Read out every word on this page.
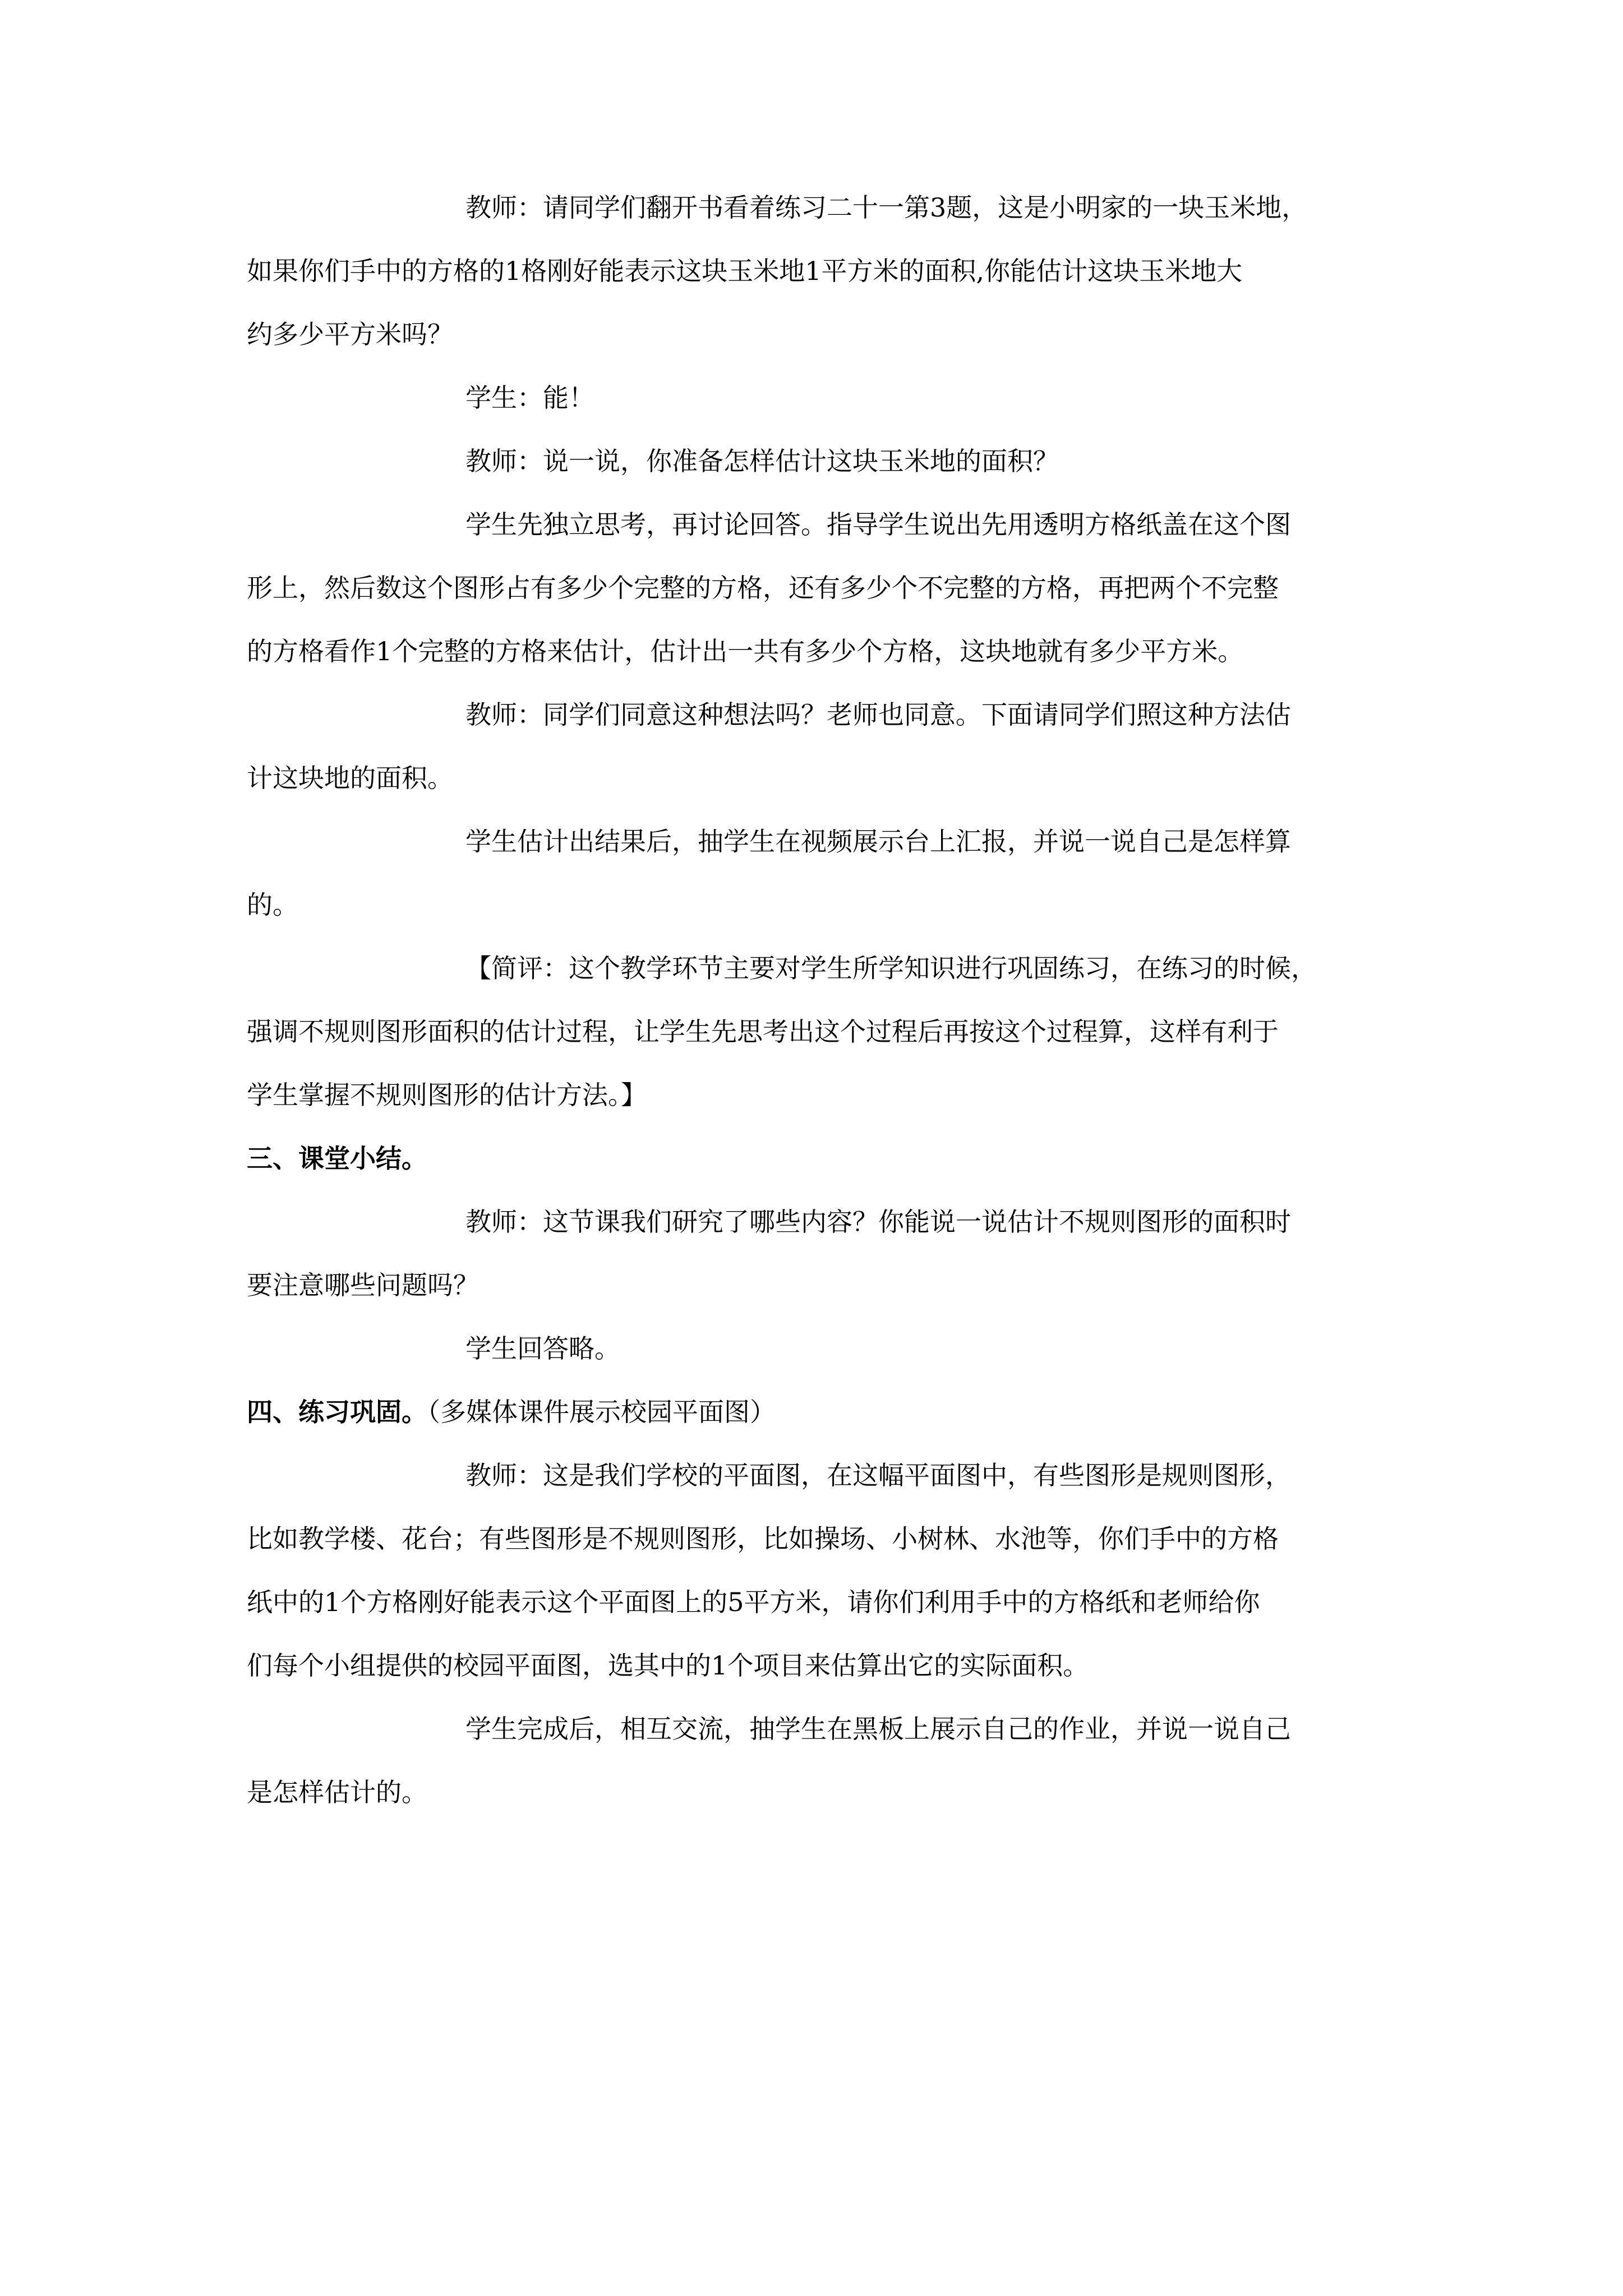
教师：请同学们翻开书看着练习二十一第3题，这是小明家的一块玉米地，
如果你们手中的方格的1格刚好能表示这块玉米地1平方米的面积,你能估计这块玉米地大
约多少平方米吗？
学生：能！
教师：说一说，你准备怎样估计这块玉米地的面积？
学生先独立思考，再讨论回答。指导学生说出先用透明方格纸盖在这个图
形上，然后数这个图形占有多少个完整的方格，还有多少个不完整的方格，再把两个不完整
的方格看作1个完整的方格来估计，估计出一共有多少个方格，这块地就有多少平方米。
教师：同学们同意这种想法吗？老师也同意。下面请同学们照这种方法估
计这块地的面积。
学生估计出结果后，抽学生在视频展示台上汇报，并说一说自己是怎样算
的。
【简评：这个教学环节主要对学生所学知识进行巩固练习，在练习的时候，
强调不规则图形面积的估计过程，让学生先思考出这个过程后再按这个过程算，这样有利于
学生掌握不规则图形的估计方法。】
三、课堂小结。
教师：这节课我们研究了哪些内容？你能说一说估计不规则图形的面积时
要注意哪些问题吗？
学生回答略。
四、练习巩固。（多媒体课件展示校园平面图）
教师：这是我们学校的平面图，在这幅平面图中，有些图形是规则图形，
比如教学楼、花台；有些图形是不规则图形，比如操场、小树林、水池等，你们手中的方格
纸中的1个方格刚好能表示这个平面图上的5平方米，请你们利用手中的方格纸和老师给你
们每个小组提供的校园平面图，选其中的1个项目来估算出它的实际面积。
学生完成后，相互交流，抽学生在黑板上展示自己的作业，并说一说自己
是怎样估计的。
